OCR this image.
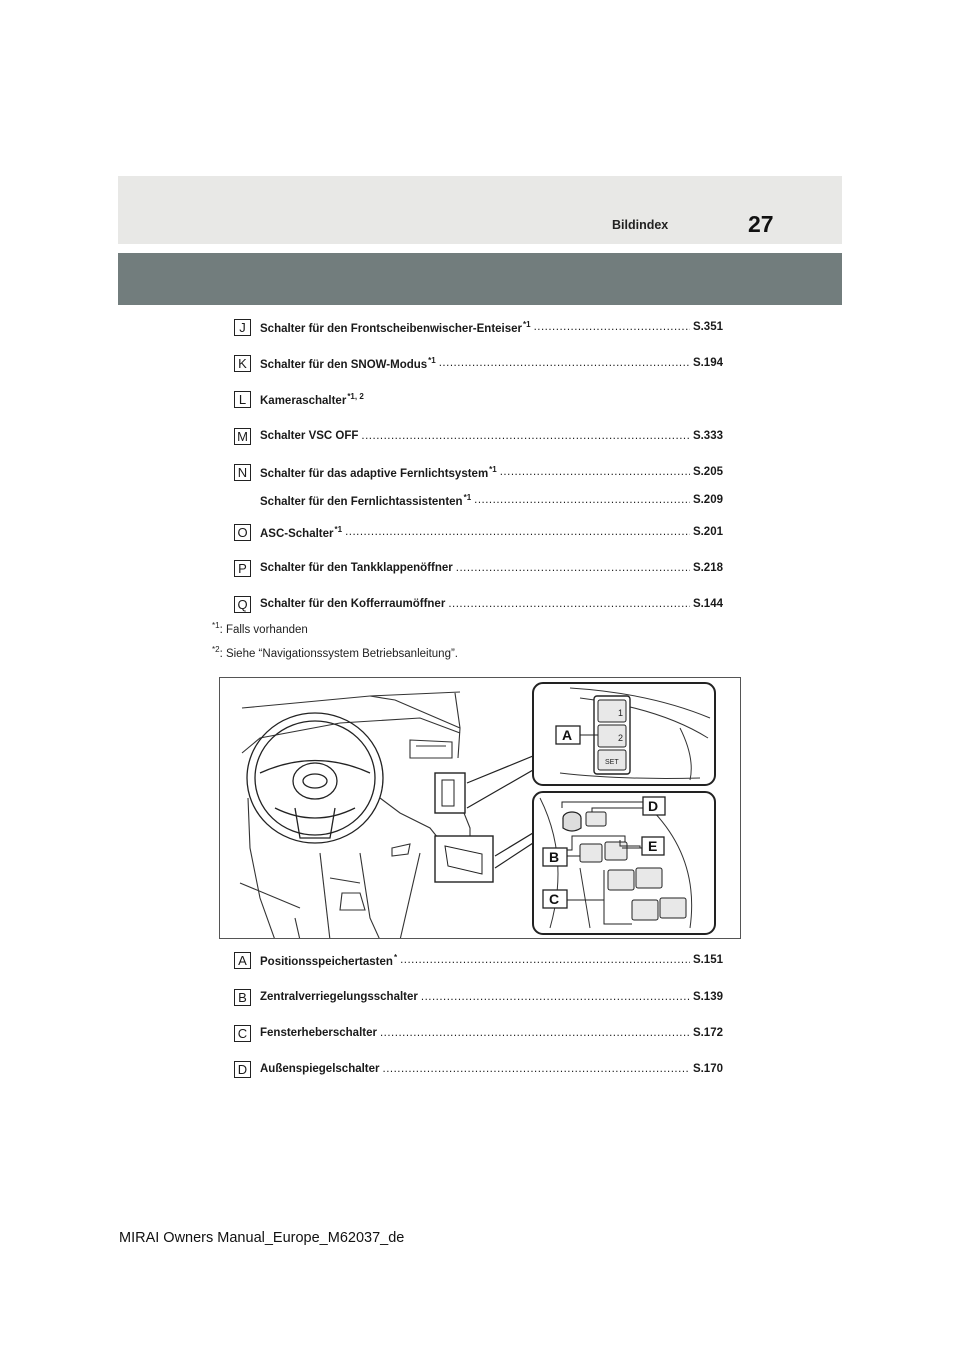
Bildindex	27
J	Schalter für den Frontscheibenwischer-Enteiser$^{*1}$ .....	S.351
K	Schalter für den SNOW-Modus$^{*1}$ .....	S.194
L	Kameraschalter$^{*1, 2}$
M Schalter VSC OFF .....	S.333
N	Schalter für das adaptive Fernlichtsystem$^{*1}$ .....	S.205
Schalter für den Fernlichtassistenten$^{*1}$ .....	S.209
O ASC-Schalter$^{*1}$ .....	S.201
P	Schalter für den Tankklappenöffner .....	S.218
Q Schalter für den Kofferraumöffner .....	S.144
$^{*1}$: Falls vorhanden
$^{*2}$: Siehe “Navigationssystem Betriebsanleitung”.
1
2
SET
A
D
E
B
C
A	Positionsspeichertasten* .....	S.151
B	Zentralverriegelungsschalter .....	S.139
C	Fensterheberschalter .....	S.172
D	Außenspiegelschalter .....	S.170
MIRAI Owners Manual_Europe_M62037_de
